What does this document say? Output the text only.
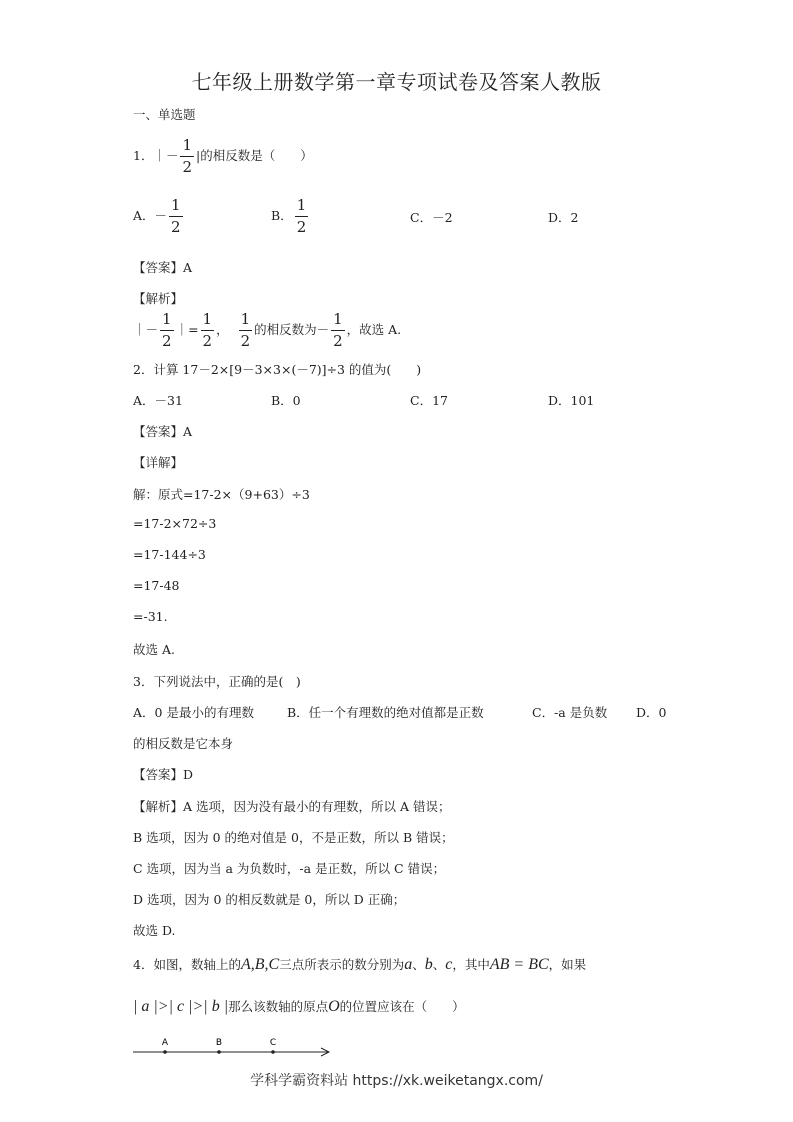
七年级上册数学第一章专项试卷及答案人教版
一、单选题
1．｜－ $\frac{1}{2}$ |的相反数是（　　）
A．－ $\frac{1}{2}$	B． $\frac{1}{2}$	C．－2	D．2
【答案】A
【解析】
｜－ $\frac{1}{2}$ ｜= $\frac{1}{2}$ ， $\frac{1}{2}$ 的相反数为－ $\frac{1}{2}$ ，故选 A.
2．计算 17－2×[9－3×3×(－7)]÷3 的值为(　　)
A．－31	B．0	C．17	D．101
【答案】A
【详解】
解：原式=17-2×（9+63）÷3
=17-2×72÷3
=17-144÷3
=17-48
=-31.
故选 A.
3．下列说法中，正确的是(　)
A．0 是最小的有理数	B．任一个有理数的绝对值都是正数	C．-a 是负数 D．0
的相反数是它本身
【答案】D
【解析】A 选项，因为没有最小的有理数，所以 A 错误；
B 选项，因为 0 的绝对值是 0，不是正数，所以 B 错误；
C 选项，因为当 a 为负数时，-a 是正数，所以 C 错误；
D 选项，因为 0 的相反数就是 0，所以 D 正确；
故选 D.
4．如图，数轴上的A,B,C三点所表示的数分别为a、b、c，其中AB = BC，如果
| a |>| c |>| b |那么该数轴的原点O的位置应该在（　　）
A	B	C
学科学霸资料站 https://xk.weiketangx.com/
